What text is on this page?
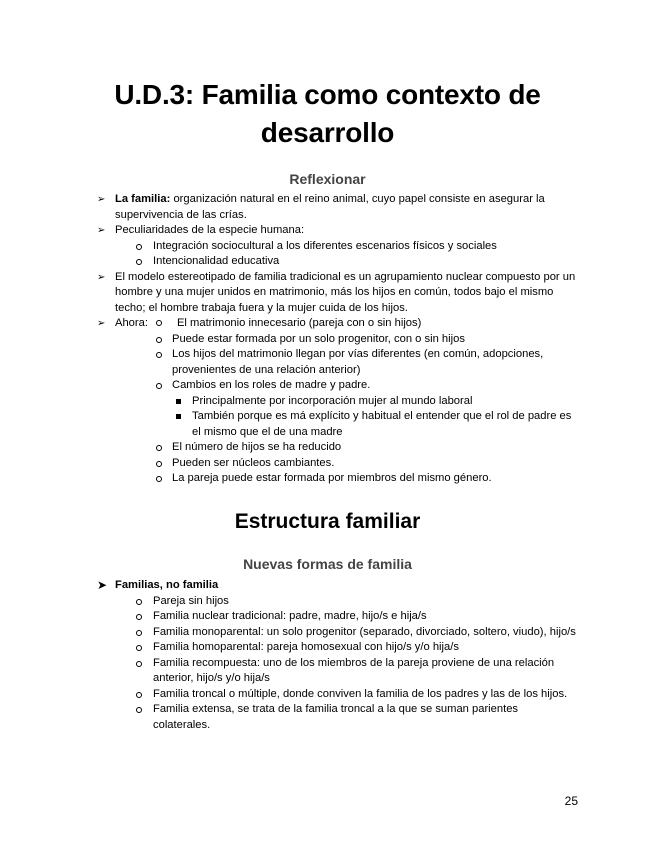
U.D.3: Familia como contexto de desarrollo
Reflexionar
➢ La familia: organización natural en el reino animal, cuyo papel consiste en asegurar la supervivencia de las crías.
➢ Peculiaridades de la especie humana:
Integración sociocultural a los diferentes escenarios físicos y sociales
Intencionalidad educativa
➢ El modelo estereotipado de familia tradicional es un agrupamiento nuclear compuesto por un hombre y una mujer unidos en matrimonio, más los hijos en común, todos bajo el mismo techo; el hombre trabaja fuera y la mujer cuida de los hijos.
➢ Ahora:	El matrimonio innecesario (pareja con o sin hijos)
Puede estar formada por un solo progenitor, con o sin hijos
Los hijos del matrimonio llegan por vías diferentes (en común, adopciones, provenientes de una relación anterior)
Cambios en los roles de madre y padre.
Principalmente por incorporación mujer al mundo laboral
También porque es má explícito y habitual el entender que el rol de padre es el mismo que el de una madre
El número de hijos se ha reducido
Pueden ser núcleos cambiantes.
La pareja puede estar formada por miembros del mismo género.
Estructura familiar
Nuevas formas de familia
➤ Familias, no familia
Pareja sin hijos
Familia nuclear tradicional: padre, madre, hijo/s e hija/s
Familia monoparental: un solo progenitor (separado, divorciado, soltero, viudo), hijo/s
Familia homoparental: pareja homosexual con hijo/s y/o hija/s
Familia recompuesta: uno de los miembros de la pareja proviene de una relación anterior, hijo/s y/o hija/s
Familia troncal o múltiple, donde conviven la familia de los padres y las de los hijos.
Familia extensa, se trata de la familia troncal a la que se suman parientes colaterales.
25
